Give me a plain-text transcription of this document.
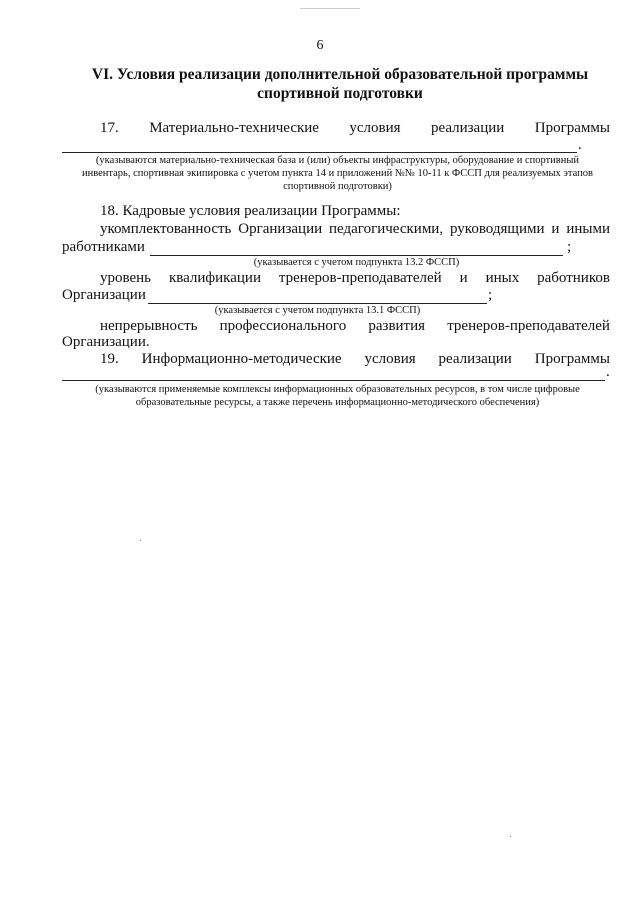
6
VI. Условия реализации дополнительной образовательной программы
спортивной подготовки
17. Материально-технические условия реализации Программы
.
(указываются материально-техническая база и (или) объекты инфраструктуры, оборудование и спортивный
инвентарь, спортивная экипировка с учетом пункта 14 и приложений №№ 10-11 к ФССП для реализуемых этапов
спортивной подготовки)
18. Кадровые условия реализации Программы:
укомплектованность Организации педагогическими, руководящими и иными
работниками	;
(указывается с учетом подпункта 13.2 ФССП)
уровень квалификации тренеров-преподавателей и иных работников
Организации	;
(указывается с учетом подпункта 13.1 ФССП)
непрерывность профессионального развития тренеров-преподавателей
Организации.
19. Информационно-методические условия реализации Программы
.
(указываются применяемые комплексы информационных образовательных ресурсов, в том числе цифровые
образовательные ресурсы, а также перечень информационно-методического обеспечения)
